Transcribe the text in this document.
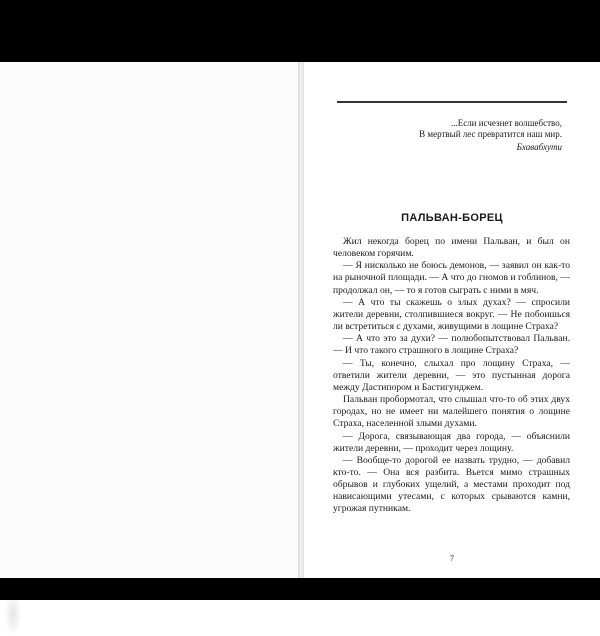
...Если исчезнет волшебство,
В мертвый лес превратится наш мир.
Бхавабхути
ПАЛЬВАН-БОРЕЦ

Жил некогда борец по имени Пальван, и был он человеком горячим.

— Я нисколько не боюсь демонов, — заявил он как-то на рыночной площади. — А что до гномов и гоблинов, — продолжал он, — то я готов сыграть с ними в мяч.

— А что ты скажешь о злых духах? — спросили жители деревни, столпившиеся вокруг. — Не побоишься ли встретиться с духами, живущими в лощине Страха?

— А что это за духи? — полюбопытствовал Пальван. — И что такого страшного в лощине Страха?

— Ты, конечно, слыхал про лощину Страха, — ответили жители деревни, — это пустынная дорога между Дастипором и Бастигунджем.

Пальван пробормотал, что слышал что-то об этих двух городах, но не имеет ни малейшего понятия о лощине Страха, населенной злыми духами.

— Дорога, связывающая два города, — объяснили жители деревни, — проходит через лощину.

— Вообще-то дорогой ее назвать трудно, — добавил кто-то. — Она вся разбита. Вьется мимо страшных обрывов и глубоких ущелий, а местами проходит под нависающими утесами, с которых срываются камни, угрожая путникам.

7
